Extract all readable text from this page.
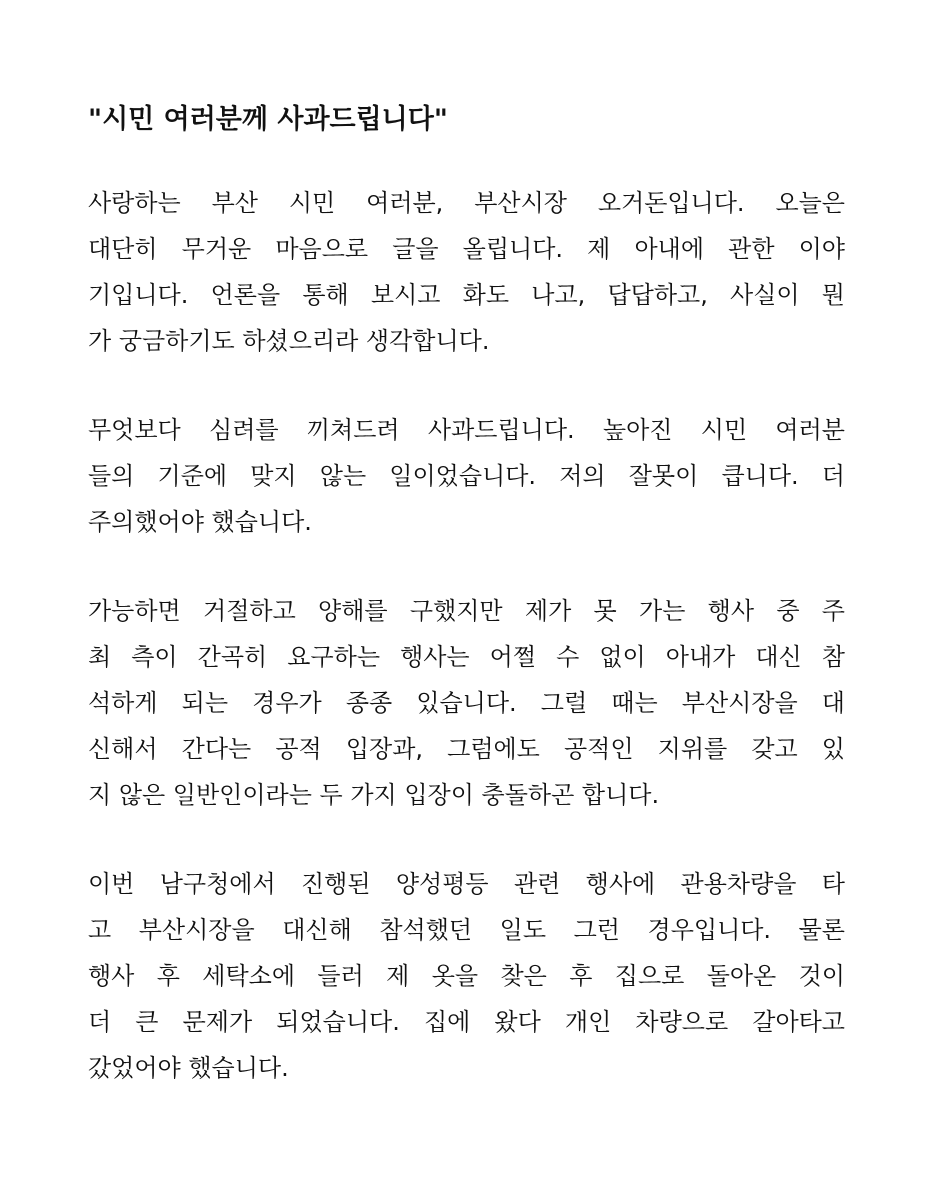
"시민 여러분께 사과드립니다"
사랑하는 부산 시민 여러분, 부산시장 오거돈입니다. 오늘은
대단히 무거운 마음으로 글을 올립니다. 제 아내에 관한 이야
기입니다. 언론을 통해 보시고 화도 나고, 답답하고, 사실이 뭔
가 궁금하기도 하셨으리라 생각합니다.
무엇보다 심려를 끼쳐드려 사과드립니다. 높아진 시민 여러분
들의 기준에 맞지 않는 일이었습니다. 저의 잘못이 큽니다. 더
주의했어야 했습니다.
가능하면 거절하고 양해를 구했지만 제가 못 가는 행사 중 주
최 측이 간곡히 요구하는 행사는 어쩔 수 없이 아내가 대신 참
석하게 되는 경우가 종종 있습니다. 그럴 때는 부산시장을 대
신해서 간다는 공적 입장과, 그럼에도 공적인 지위를 갖고 있
지 않은 일반인이라는 두 가지 입장이 충돌하곤 합니다.
이번 남구청에서 진행된 양성평등 관련 행사에 관용차량을 타
고 부산시장을 대신해 참석했던 일도 그런 경우입니다. 물론
행사 후 세탁소에 들러 제 옷을 찾은 후 집으로 돌아온 것이
더 큰 문제가 되었습니다. 집에 왔다 개인 차량으로 갈아타고
갔었어야 했습니다.
